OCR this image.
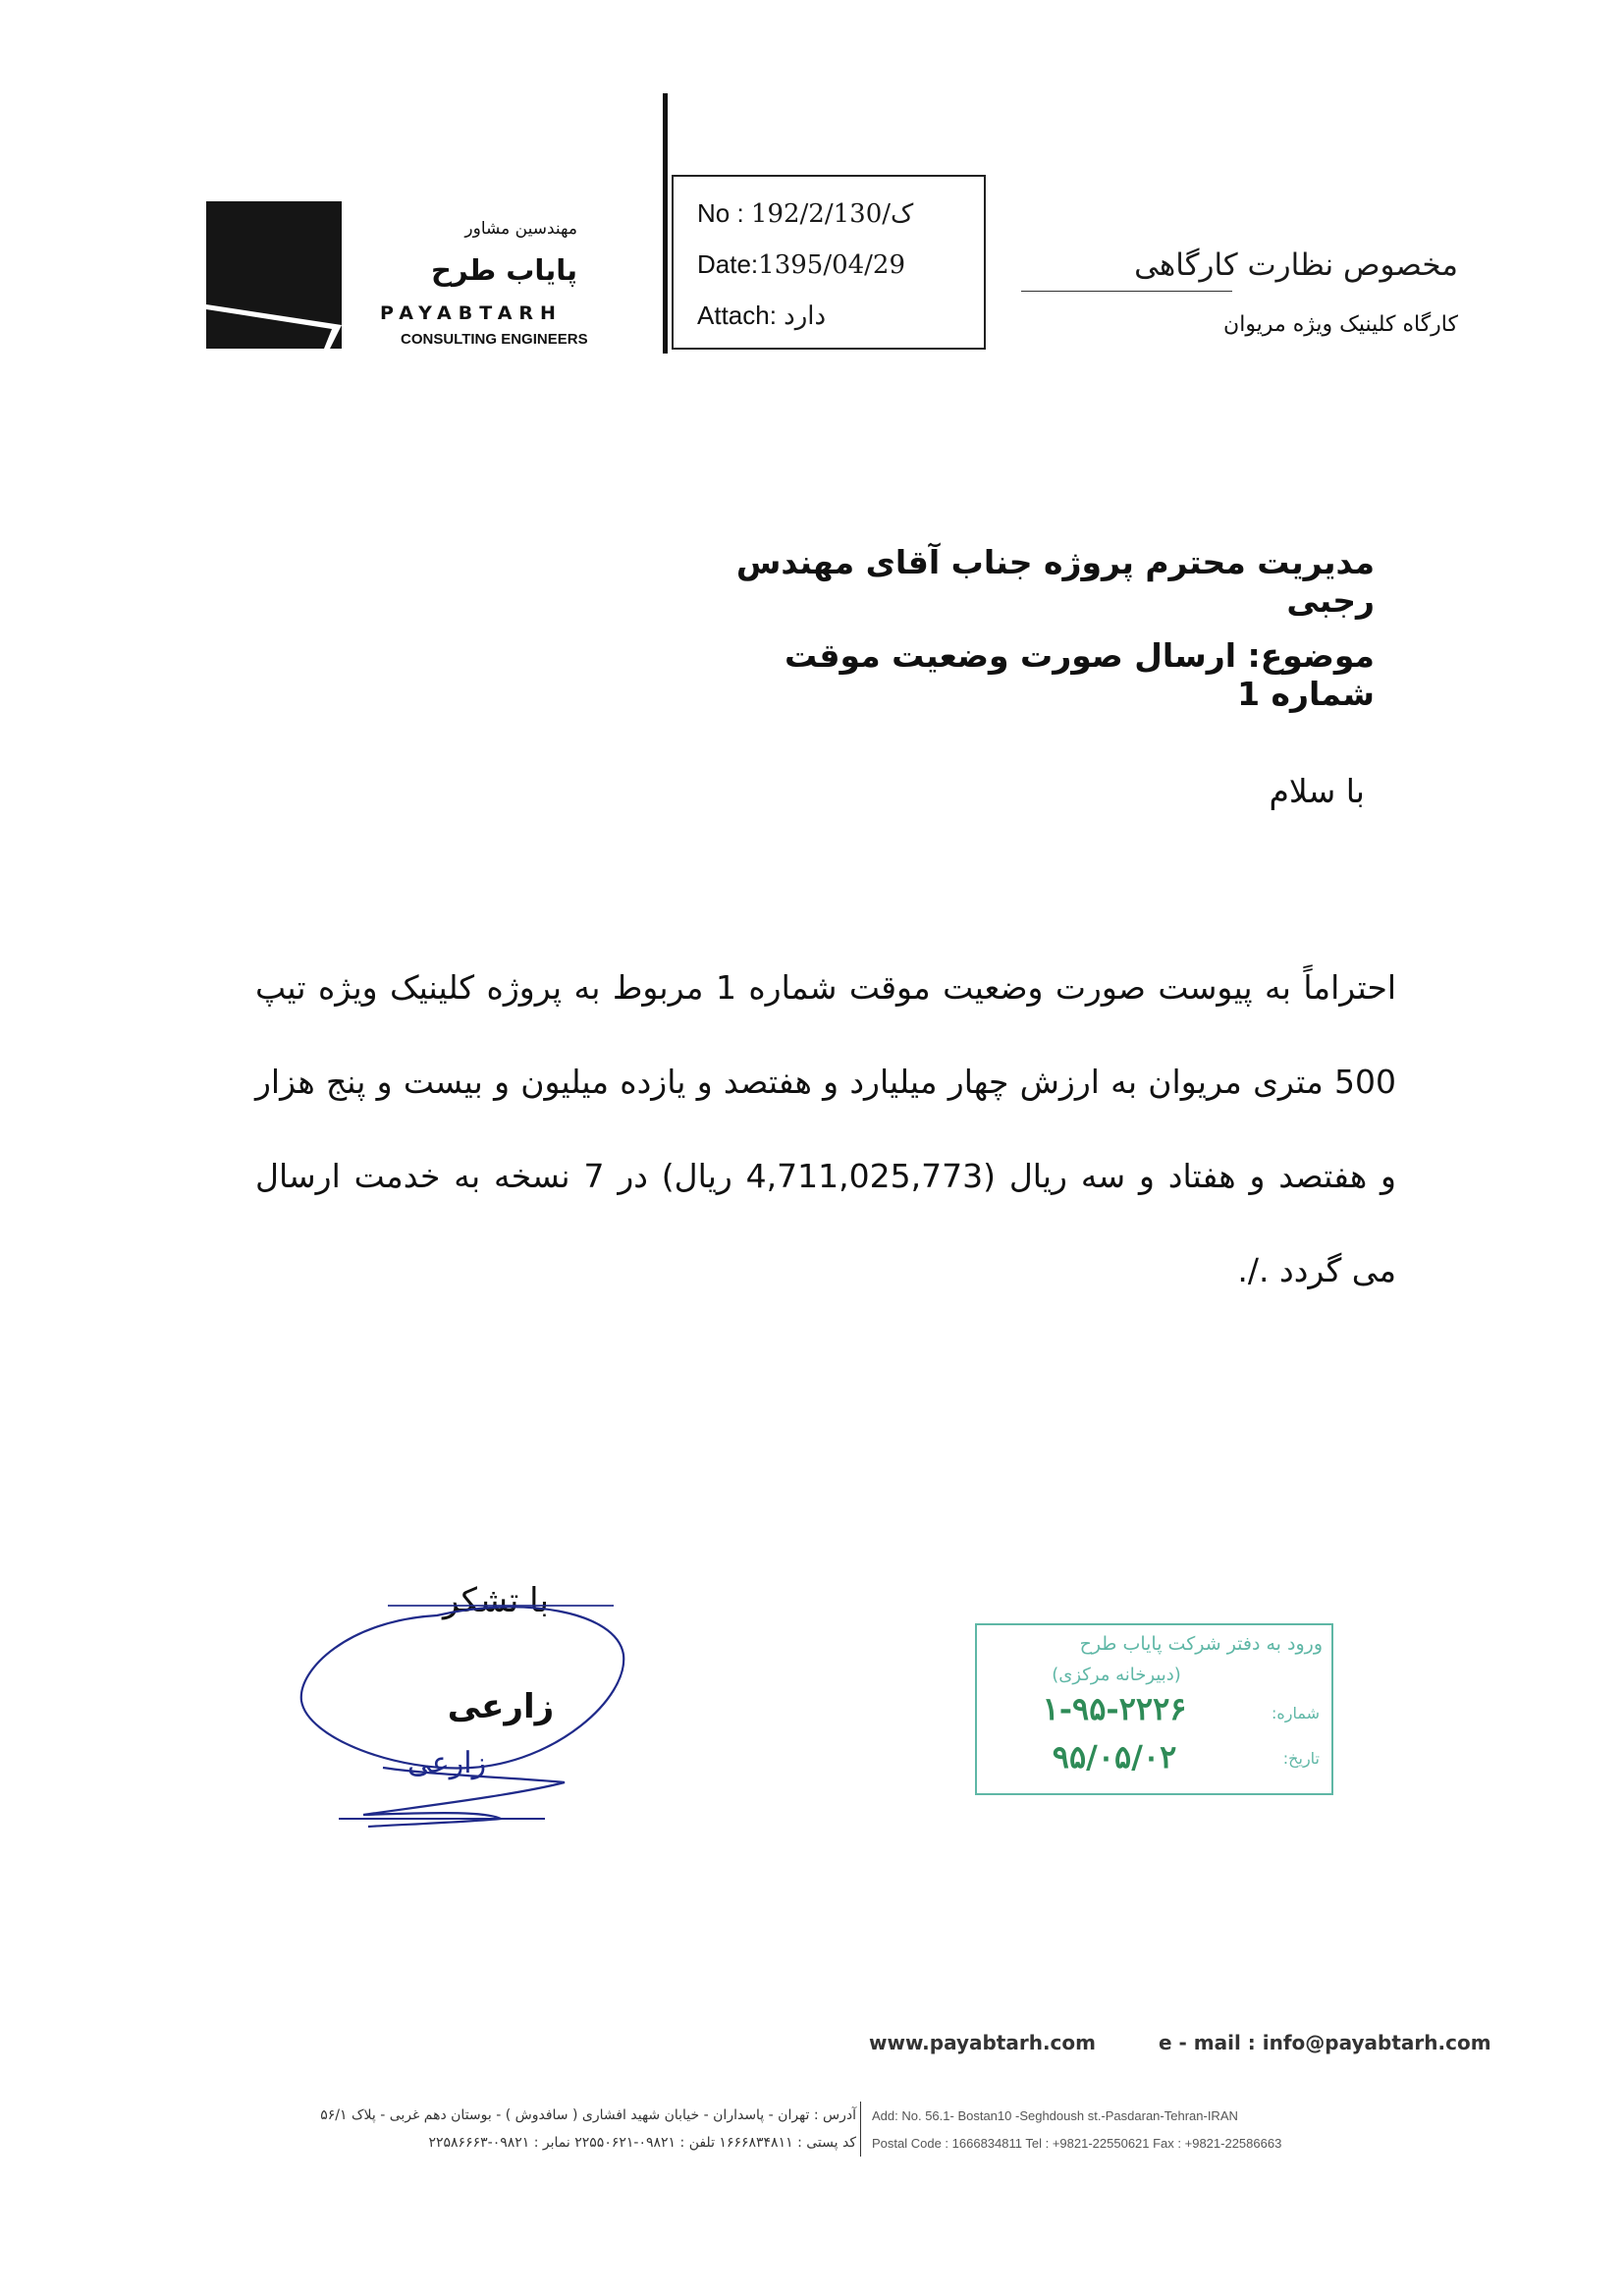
مهندسین مشاور
پایاب طرح
PAYABTARH
CONSULTING ENGINEERS
No : 192/2/ک/130
Date:1395/04/29
Attach: دارد
مخصوص نظارت کارگاهی
کارگاه کلینیک ویژه مریوان
مدیریت محترم پروژه جناب آقای مهندس رجبی
موضوع: ارسال صورت وضعیت موقت شماره 1
با سلام
احتراماً به پیوست صورت وضعیت موقت شماره 1 مربوط به پروژه کلینیک ویژه تیپ 500 متری مریوان به ارزش چهار میلیارد و هفتصد و یازده میلیون و بیست و پنج هزار و هفتصد و هفتاد و سه ریال (4,711,025,773 ریال) در 7 نسخه به خدمت ارسال می گردد ./.
با تشکر
زارعی
زارعی
ورود به دفتر شرکت پایاب طرح
(دبیرخانه مرکزی)
شماره:
۱-۹۵-۲۲۲۶
تاریخ:
۹۵/۰۵/۰۲
www.payabtarh.com	e - mail : info@payabtarh.com
آدرس : تهران - پاسداران - خیابان شهید افشاری ( سافدوش ) - بوستان دهم غربی - پلاک ۵۶/۱
کد پستی : ۱۶۶۶۸۳۴۸۱۱ تلفن : ۰۹۸۲۱-۲۲۵۵۰۶۲۱ نمابر : ۰۹۸۲۱-۲۲۵۸۶۶۶۳
Add: No. 56.1- Bostan10 -Seghdoush st.-Pasdaran-Tehran-IRAN
Postal Code : 1666834811 Tel : +9821-22550621 Fax : +9821-22586663
